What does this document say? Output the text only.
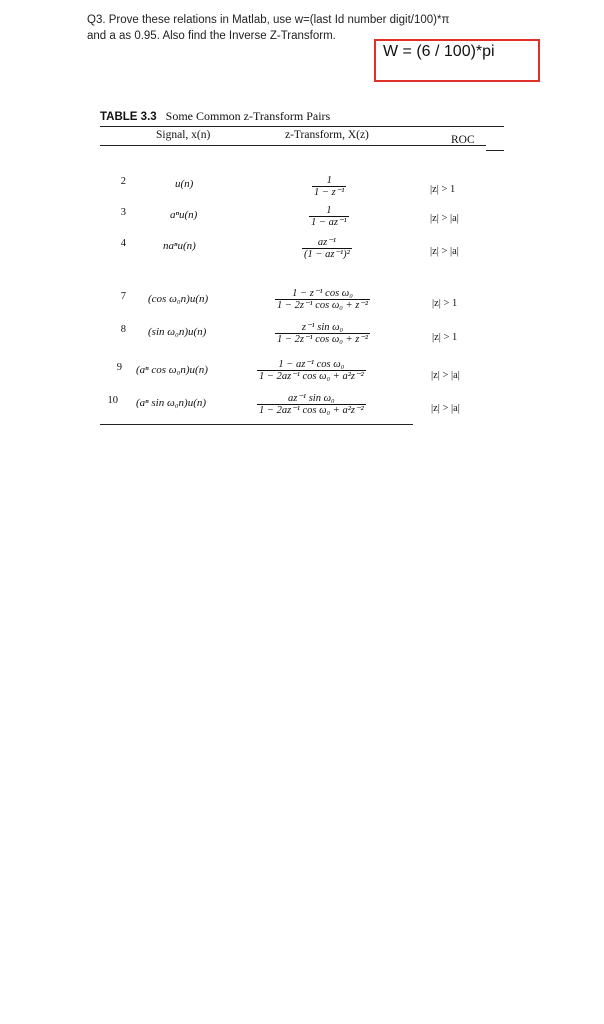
Q3. Prove these relations in Matlab, use w=(last Id number digit/100)*π
and a as 0.95. Also find the Inverse Z-Transform.
W = (6 / 100)*pi
TABLE 3.3 Some Common z-Transform Pairs
Signal, x(n)	z-Transform, X(z)	ROC
2	u(n)	$\frac{1}{\text{1 − z⁻¹}}$	|z| > 1
3	aⁿu(n)	$\frac{1}{\text{1 − az⁻¹}}$	|z| > |a|
4	naⁿu(n)	$\frac{\text{az⁻¹}}{\text{(1 − az⁻¹)²}}$	|z| > |a|
7 (cos ω₀n)u(n)	$\frac{\text{1 − z⁻¹ cos ω₀}}{\text{1 − 2z⁻¹ cos ω₀ + z⁻²}}$	|z| > 1
8 (sin ω₀n)u(n)	$\frac{\text{z⁻¹ sin ω₀}}{\text{1 − 2z⁻¹ cos ω₀ + z⁻²}}$	|z| > 1
9 (aⁿ cos ω₀n)u(n)	$\frac{\text{1 − az⁻¹ cos ω₀}}{\text{1 − 2az⁻¹ cos ω₀ + a²z⁻²}}$	|z| > |a|
10 (aⁿ sin ω₀n)u(n)	$\frac{\text{az⁻¹ sin ω₀}}{\text{1 − 2az⁻¹ cos ω₀ + a²z⁻²}}$	|z| > |a|
